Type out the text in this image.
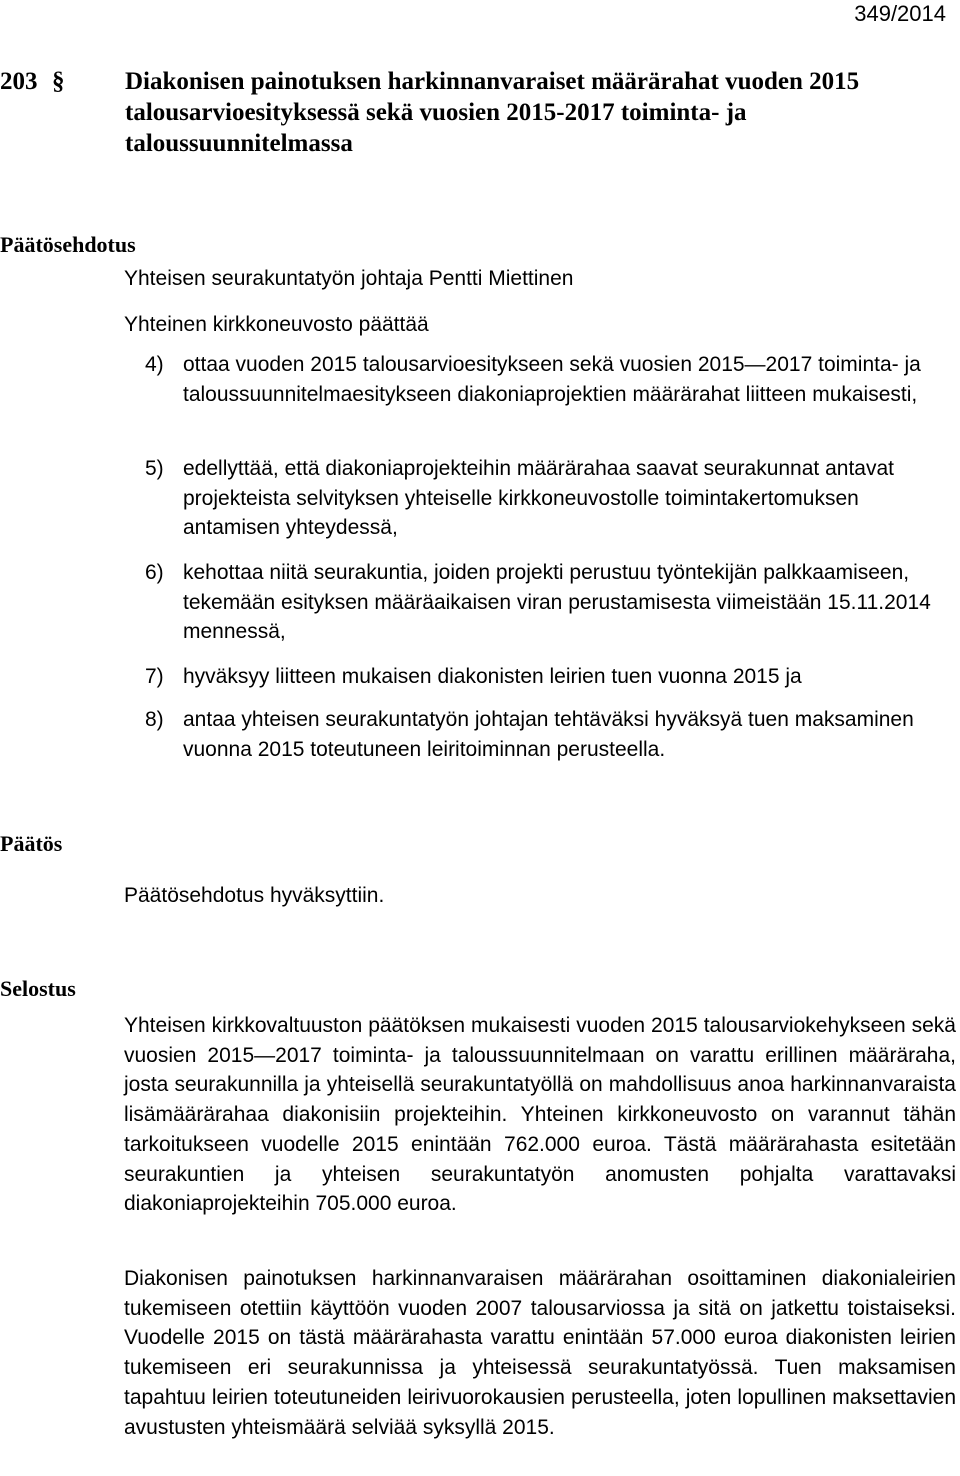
349/2014
203 § Diakonisen painotuksen harkinnanvaraiset määrärahat vuoden 2015 talousarvioesityksessä sekä vuosien 2015-2017 toiminta- ja taloussuunnitelmassa
Päätösehdotus
Yhteisen seurakuntatyön johtaja Pentti Miettinen
Yhteinen kirkkoneuvosto päättää
4) ottaa vuoden 2015 talousarvioesitykseen sekä vuosien 2015—2017 toiminta- ja taloussuunnitelmaesitykseen diakoniaprojektien määrärahat liitteen mukaisesti,
5) edellyttää, että diakoniaprojekteihin määrärahaa saavat seurakunnat antavat projekteista selvityksen yhteiselle kirkkoneuvostolle toimintakertomuksen antamisen yhteydessä,
6) kehottaa niitä seurakuntia, joiden projekti perustuu työntekijän palkkaamiseen, tekemään esityksen määräaikaisen viran perustamisesta viimeistään 15.11.2014 mennessä,
7) hyväksyy liitteen mukaisen diakonisten leirien tuen vuonna 2015 ja
8) antaa yhteisen seurakuntatyön johtajan tehtäväksi hyväksyä tuen maksaminen vuonna 2015 toteutuneen leiritoiminnan perusteella.
Päätös
Päätösehdotus hyväksyttiin.
Selostus
Yhteisen kirkkovaltuuston päätöksen mukaisesti vuoden 2015 talousarviokehykseen sekä vuosien 2015—2017 toiminta- ja taloussuunnitelmaan on varattu erillinen määräraha, josta seurakunnilla ja yhteisellä seurakuntatyöllä on mahdollisuus anoa harkinnanvaraista lisämäärärahaa diakonisiin projekteihin. Yhteinen kirkkoneuvosto on varannut tähän tarkoitukseen vuodelle 2015 enintään 762.000 euroa. Tästä määrärahasta esitetään seurakuntien ja yhteisen seurakuntatyön anomusten pohjalta varattavaksi diakoniaprojekteihin 705.000 euroa.
Diakonisen painotuksen harkinnanvaraisen määrärahan osoittaminen diakonialeirien tukemiseen otettiin käyttöön vuoden 2007 talousarviossa ja sitä on jatkettu toistaiseksi. Vuodelle 2015 on tästä määrärahasta varattu enintään 57.000 euroa diakonisten leirien tukemiseen eri seurakunnissa ja yhteisessä seurakuntatyössä. Tuen maksamisen tapahtuu leirien toteutuneiden leirivuorokausien perusteella, joten lopullinen maksettavien avustusten yhteismäärä selviää syksyllä 2015.
